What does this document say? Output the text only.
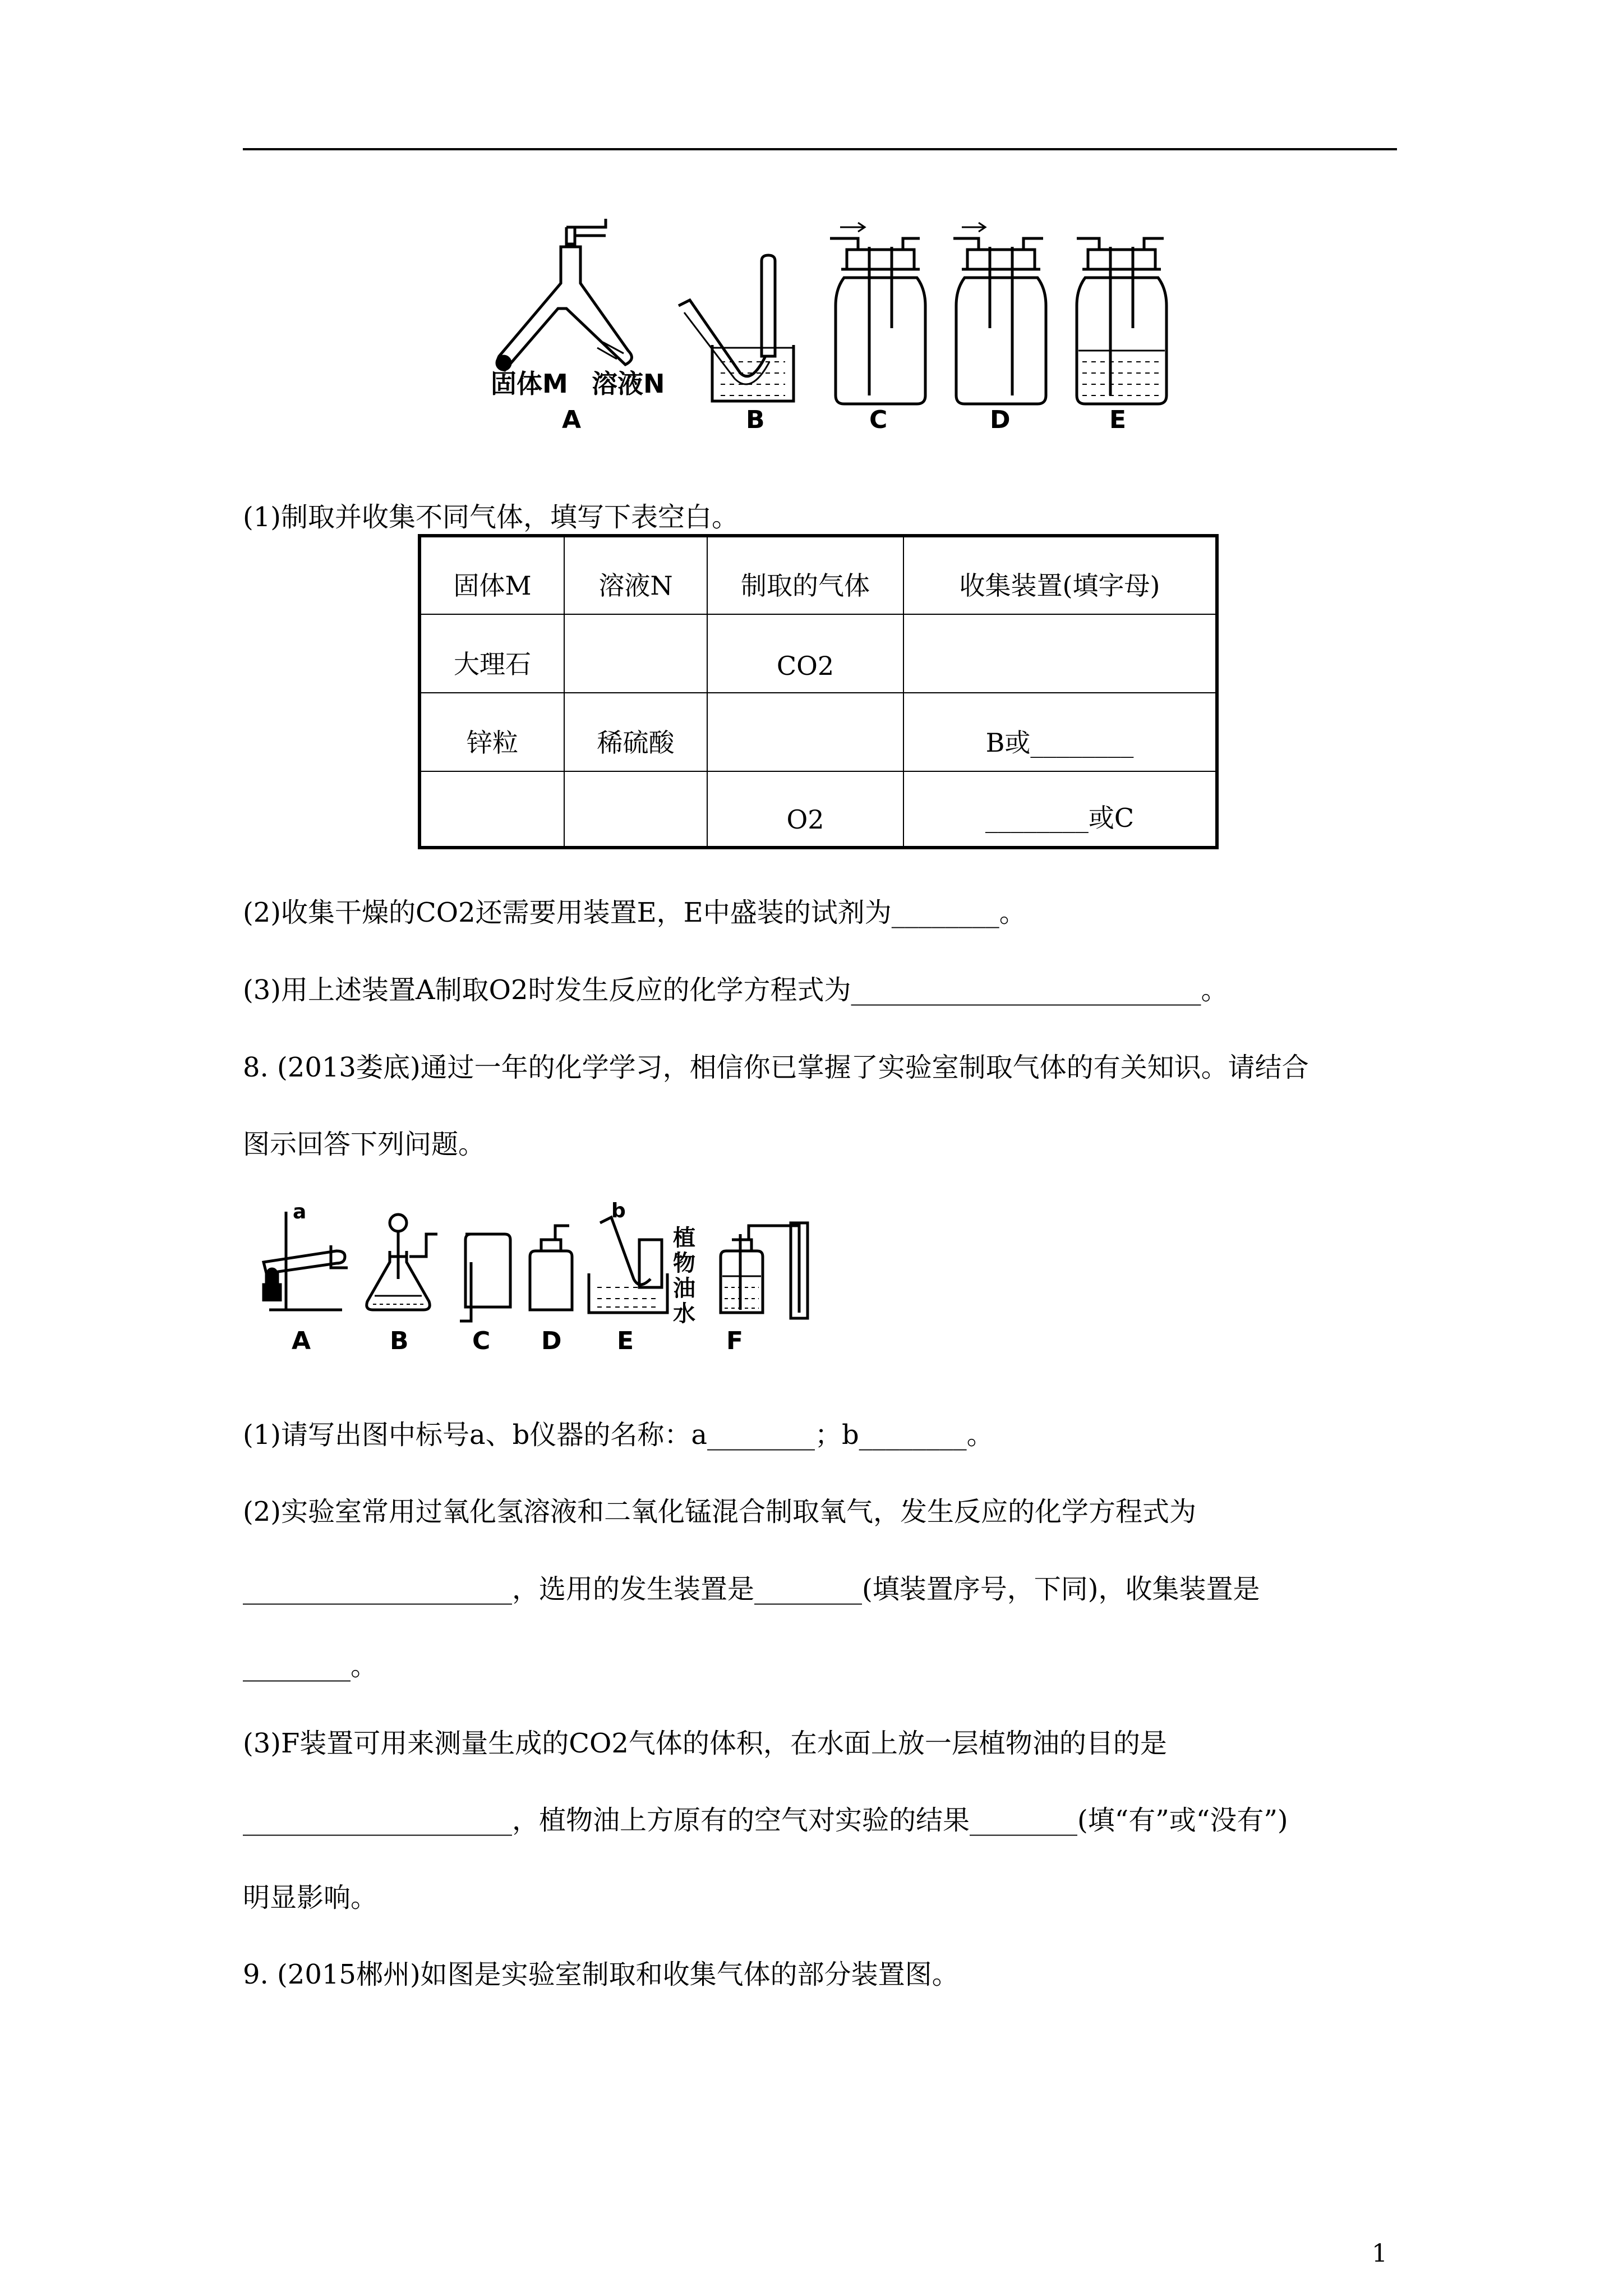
固体M 溶液N
A	B	C	D	E
(1)制取并收集不同气体，填写下表空白。
固体M	溶液N	制取的气体	收集装置(填字母)
大理石		CO2	
锌粒	稀硫酸		B或________
		O2	________或C
(2)收集干燥的CO2还需要用装置E，E中盛装的试剂为________。
(3)用上述装置A制取O2时发生反应的化学方程式为__________________________。
8. (2013娄底)通过一年的化学学习，相信你已掌握了实验室制取气体的有关知识。请结合
图示回答下列问题。
a
A	B	C D
b
E
植
物
油
水
F
(1)请写出图中标号a、b仪器的名称：a________；b________。
(2)实验室常用过氧化氢溶液和二氧化锰混合制取氧气，发生反应的化学方程式为
____________________，选用的发生装置是________(填装置序号，下同)，收集装置是
________。
(3)F装置可用来测量生成的CO2气体的体积，在水面上放一层植物油的目的是
____________________，植物油上方原有的空气对实验的结果________(填“有”或“没有”)
明显影响。
9. (2015郴州)如图是实验室制取和收集气体的部分装置图。
1
